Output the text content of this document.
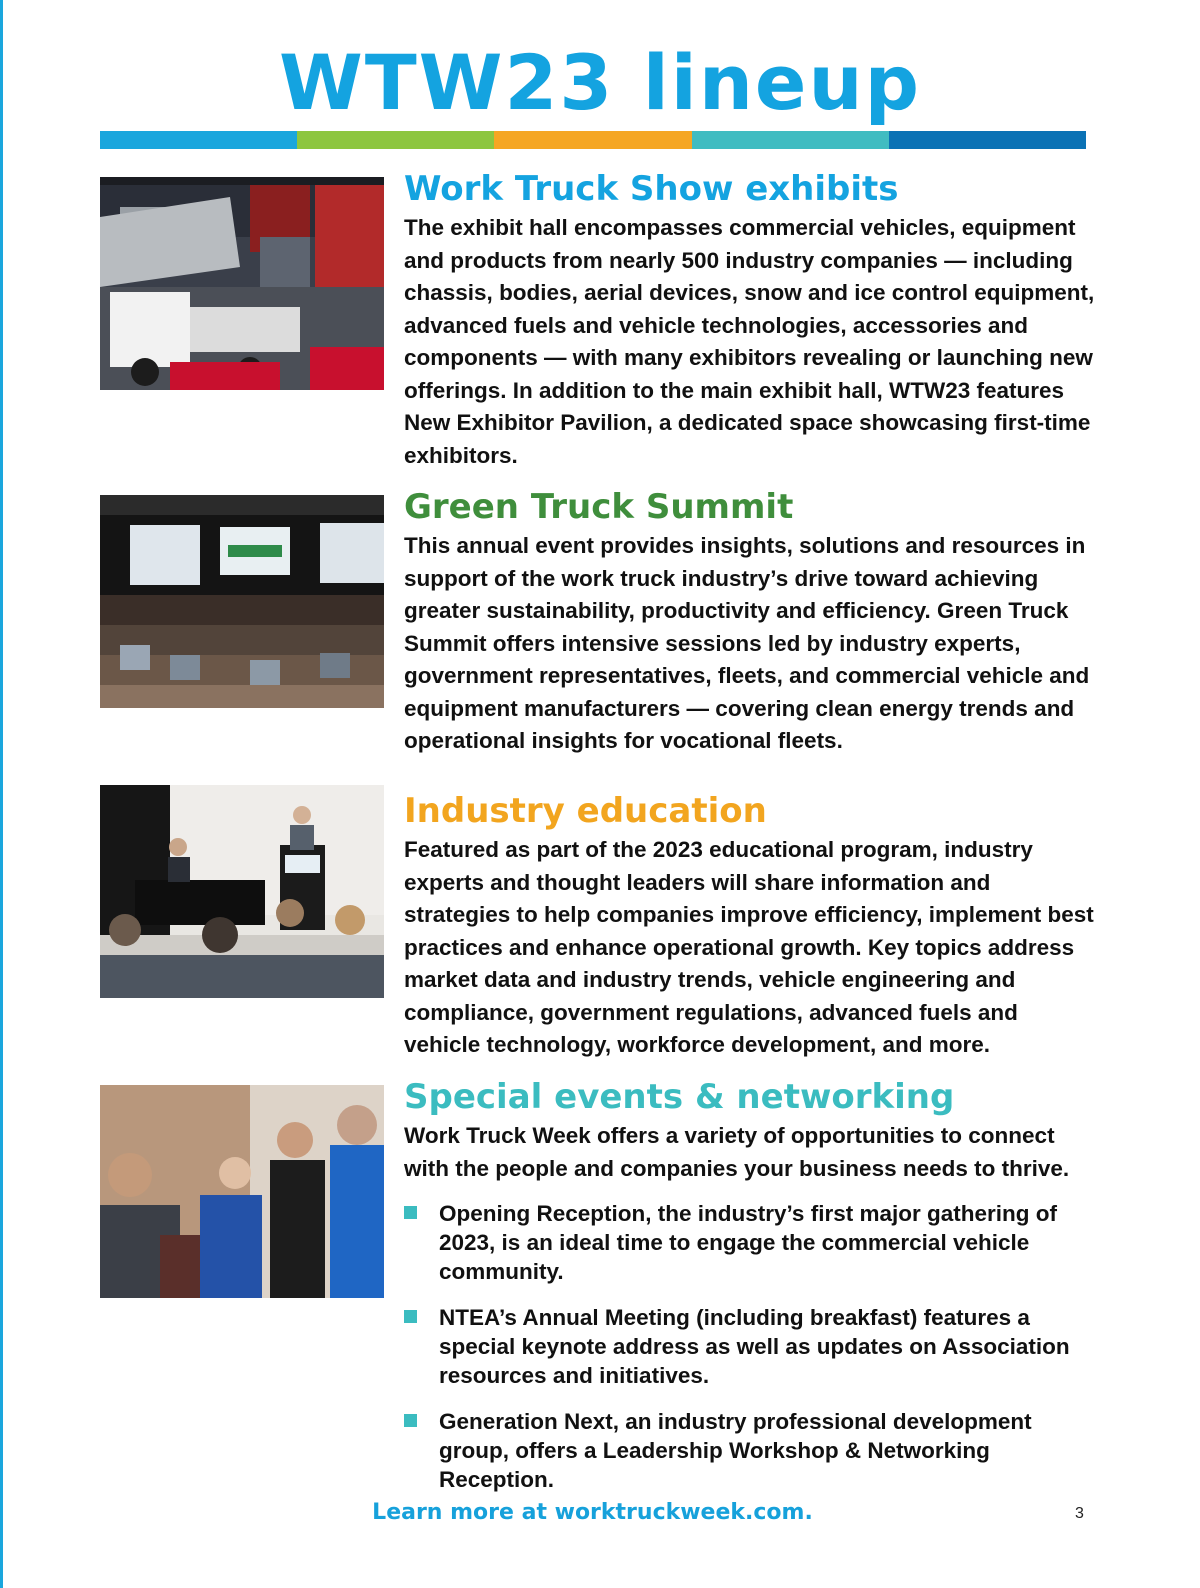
WTW23 lineup
Work Truck Show exhibits

The exhibit hall encompasses commercial vehicles, equipment and products from nearly 500 industry companies — including chassis, bodies, aerial devices, snow and ice control equipment, advanced fuels and vehicle technologies, accessories and components — with many exhibitors revealing or launching new offerings. In addition to the main exhibit hall, WTW23 features New Exhibitor Pavilion, a dedicated space showcasing first-time exhibitors.

Green Truck Summit

This annual event provides insights, solutions and resources in support of the work truck industry’s drive toward achieving greater sustainability, productivity and efficiency. Green Truck Summit offers intensive sessions led by industry experts, government representatives, fleets, and commercial vehicle and equipment manufacturers — covering clean energy trends and operational insights for vocational fleets.

Industry education

Featured as part of the 2023 educational program, industry experts and thought leaders will share information and strategies to help companies improve efficiency, implement best practices and enhance operational growth. Key topics address market data and industry trends, vehicle engineering and compliance, government regulations, advanced fuels and vehicle technology, workforce development, and more.

Special events & networking

Work Truck Week offers a variety of opportunities to connect with the people and companies your business needs to thrive.

Opening Reception, the industry’s first major gathering of 2023, is an ideal time to engage the commercial vehicle community.
NTEA’s Annual Meeting (including breakfast) features a special keynote address as well as updates on Association resources and initiatives.
Generation Next, an industry professional development group, offers a Leadership Workshop & Networking Reception.
Learn more at worktruckweek.com.	3
